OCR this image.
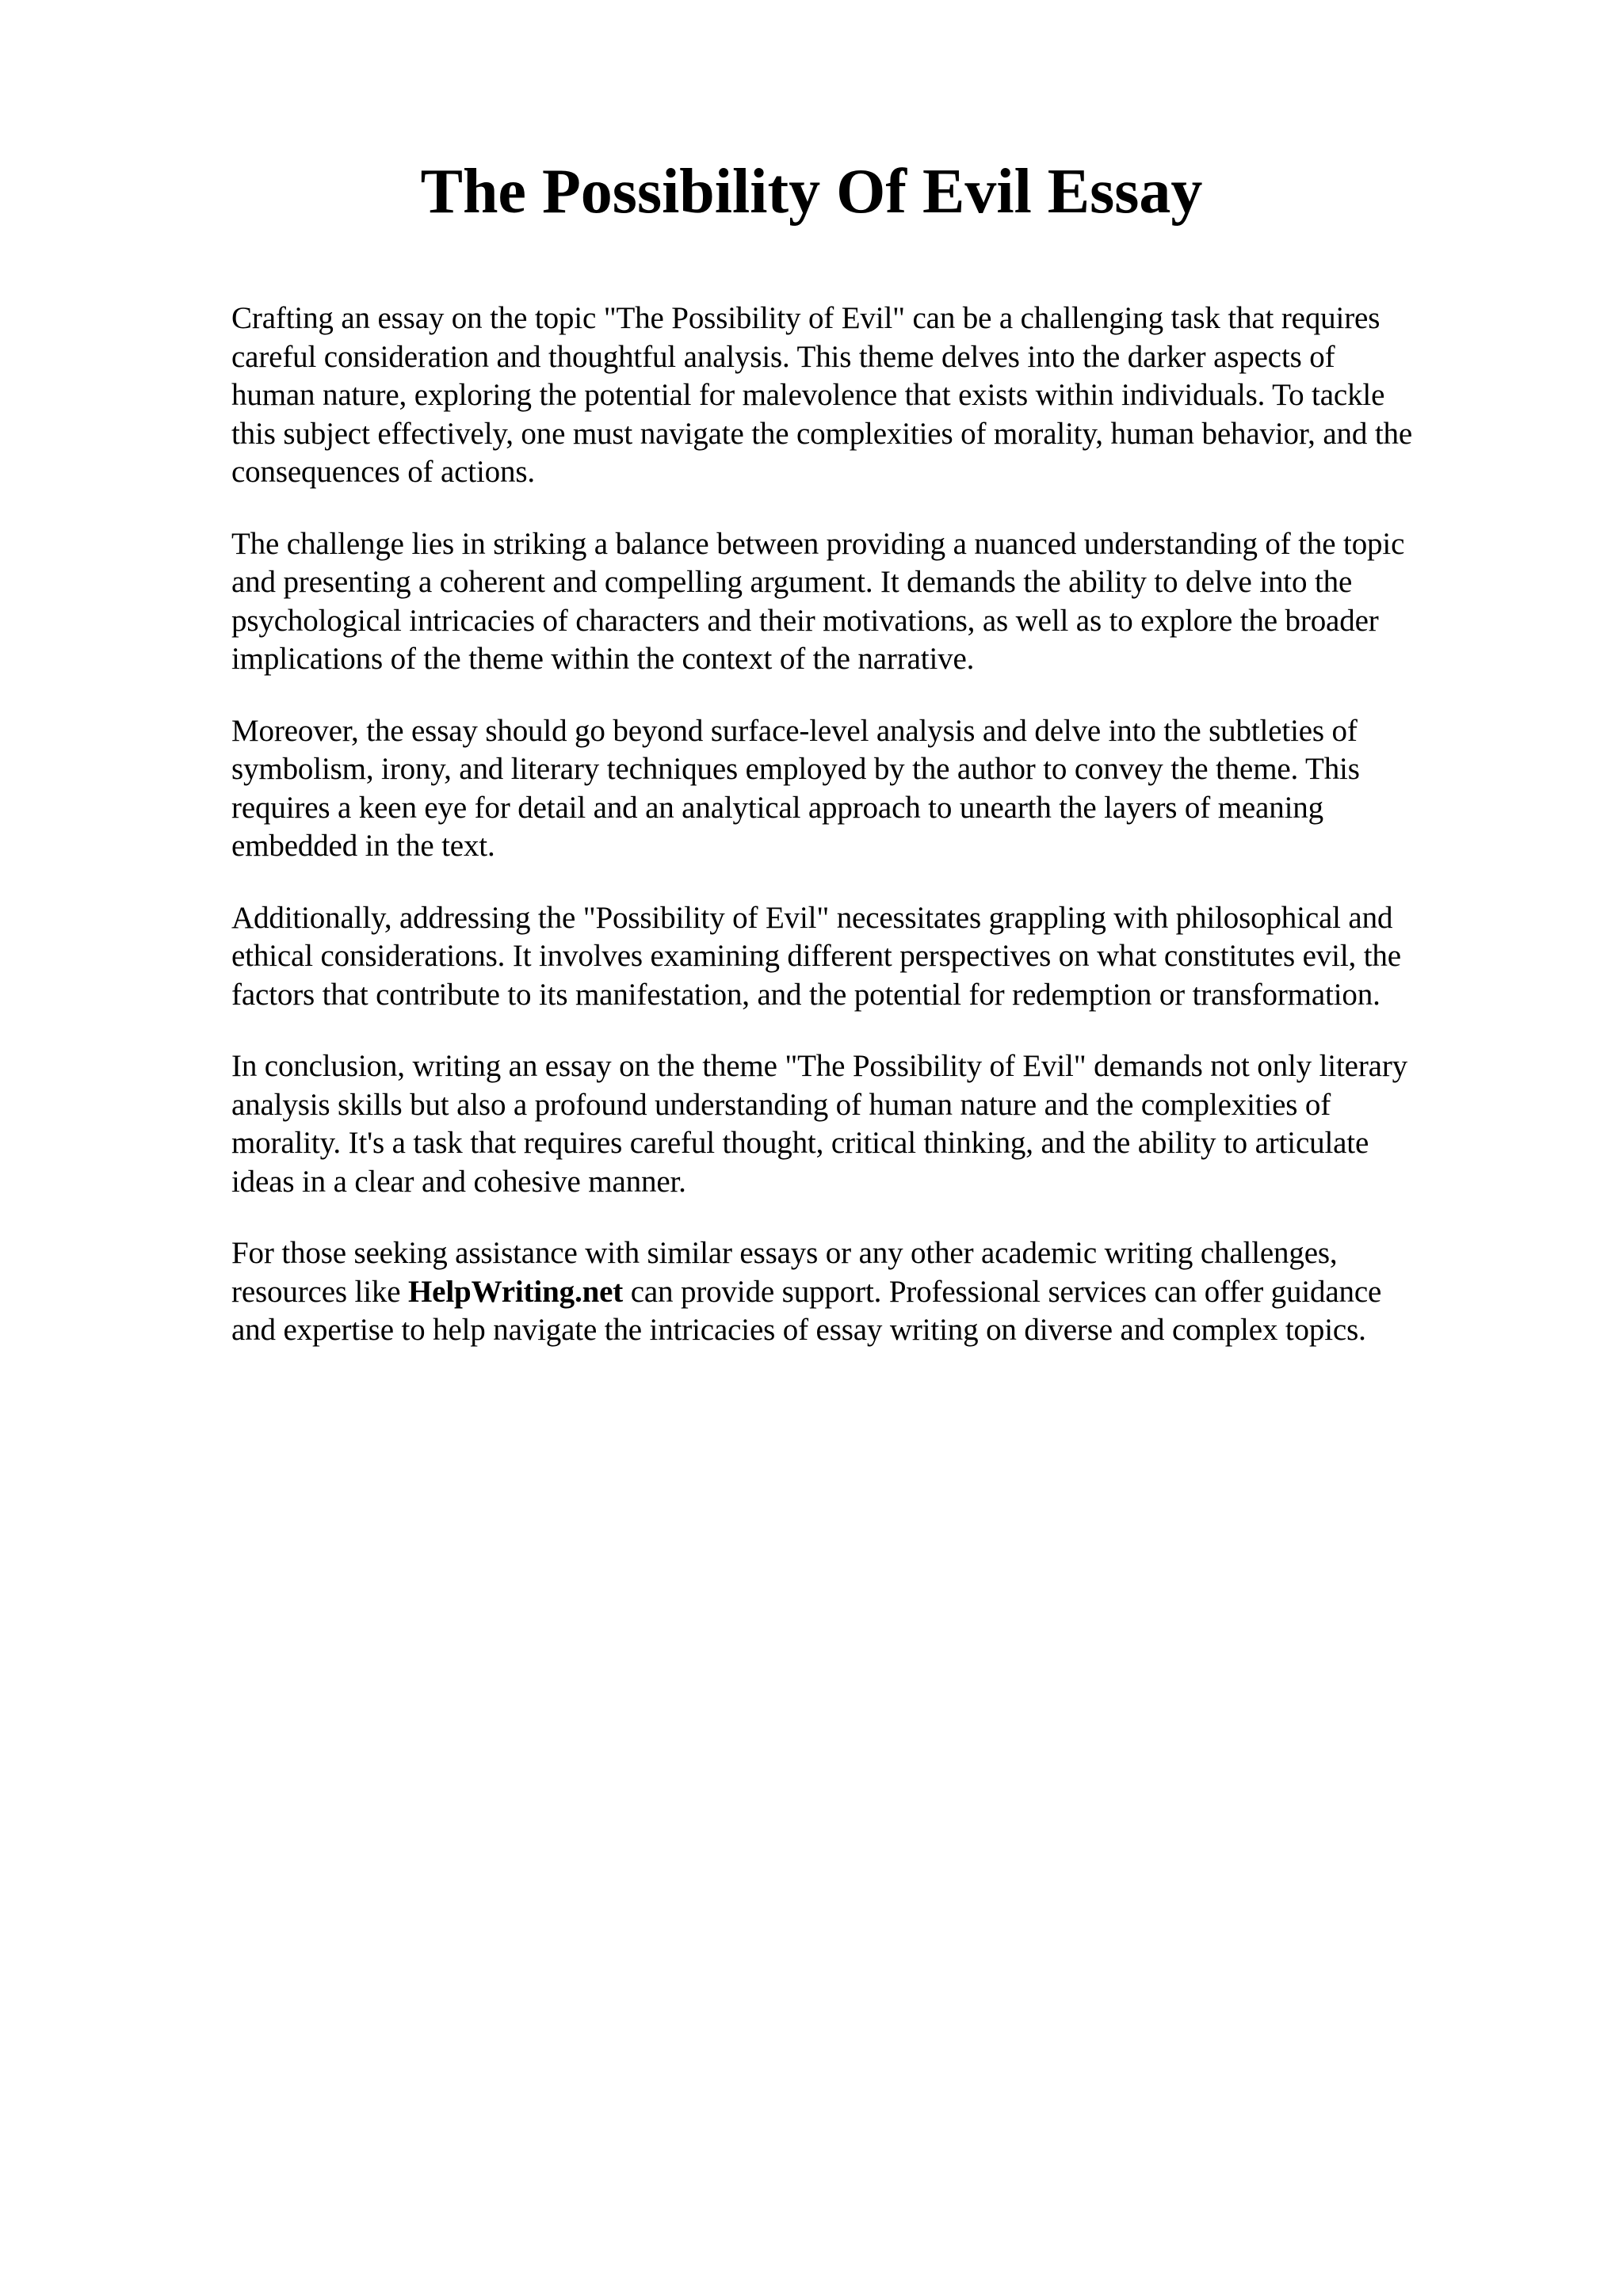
The Possibility Of Evil Essay

Crafting an essay on the topic "The Possibility of Evil" can be a challenging task that requires
careful consideration and thoughtful analysis. This theme delves into the darker aspects of
human nature, exploring the potential for malevolence that exists within individuals. To tackle
this subject effectively, one must navigate the complexities of morality, human behavior, and the
consequences of actions.

The challenge lies in striking a balance between providing a nuanced understanding of the topic
and presenting a coherent and compelling argument. It demands the ability to delve into the
psychological intricacies of characters and their motivations, as well as to explore the broader
implications of the theme within the context of the narrative.

Moreover, the essay should go beyond surface-level analysis and delve into the subtleties of
symbolism, irony, and literary techniques employed by the author to convey the theme. This
requires a keen eye for detail and an analytical approach to unearth the layers of meaning
embedded in the text.

Additionally, addressing the "Possibility of Evil" necessitates grappling with philosophical and
ethical considerations. It involves examining different perspectives on what constitutes evil, the
factors that contribute to its manifestation, and the potential for redemption or transformation.

In conclusion, writing an essay on the theme "The Possibility of Evil" demands not only literary
analysis skills but also a profound understanding of human nature and the complexities of
morality. It's a task that requires careful thought, critical thinking, and the ability to articulate
ideas in a clear and cohesive manner.

For those seeking assistance with similar essays or any other academic writing challenges,
resources like HelpWriting.net can provide support. Professional services can offer guidance
and expertise to help navigate the intricacies of essay writing on diverse and complex topics.
